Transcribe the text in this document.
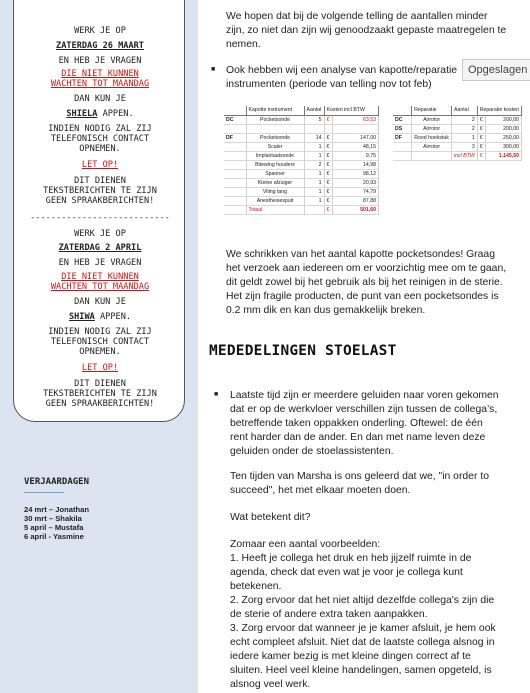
WERK JE OP
ZATERDAG 26 MAART
EN HEB JE VRAGEN
DIE NIET KUNNEN
WACHTEN TOT MAANDAG
DAN KUN JE
SHIELA APPEN.
INDIEN NODIG ZAL ZIJ
TELEFONISCH CONTACT
OPNEMEN.
LET OP!
DIT DIENEN
TEKSTBERICHTEN TE ZIJN
GEEN SPRAAKBERICHTEN!
---------------------------
WERK JE OP
ZATERDAG 2 APRIL
EN HEB JE VRAGEN
DIE NIET KUNNEN
WACHTEN TOT MAANDAG
DAN KUN JE
SHIWA APPEN.
INDIEN NODIG ZAL ZIJ
TELEFONISCH CONTACT
OPNEMEN.
LET OP!
DIT DIENEN
TEKSTBERICHTEN TE ZIJN
GEEN SPRAAKBERICHTEN!
VERJAARDAGEN
24 mrt – Jonathan
30 mrt – Shakila
5 april – Mustafa
6 april - Yasmine
We hopen dat bij de volgende telling de aantallen minder
zijn, zo niet dan zijn wij genoodzaakt gepaste maatregelen te
nemen.
■ Ook hebben wij een analyse van kapotte/reparatie
instrumenten (periode van telling nov tot feb)
Opgeslagen
	Kapotte instrument	Aantal	Kosten incl BTW	
DC	Pocketsonde	5	€	63,53

DF	Pocketsonde	14	€	147,00
	Scaler	1	€	48,15
	Implantaatsonde	1	€	9,75
	Bitewing houders	2	€	14,98
	Spanner	1	€	98,12
	Kleine afzuiger	1	€	20,93
	Viling tang	1	€	74,79
	Anesthesiespuit	1	€	87,88
	Totaal		€	501,60
	Reparatie	Aantal	Reparatie kosten	
DC	Airrotor	2	€	200,00
DS	Airrotor	2	€	200,00
DF	Rood hoekstuk	1	€	250,00
	Airrotor	3	€	300,00
		incl BTW	€	1.145,50
We schrikken van het aantal kapotte pocketsondes! Graag
het verzoek aan iedereen om er voorzichtig mee om te gaan,
dit geldt zowel bij het gebruik als bij het reinigen in de sterie.
Het zijn fragile producten, de punt van een pocketsondes is
0.2 mm dik en kan dus gemakkelijk breken.
MEDEDELINGEN STOELAST
■ Laatste tijd zijn er meerdere geluiden naar voren gekomen
dat er op de werkvloer verschillen zijn tussen de collega’s,
betreffende taken oppakken onderling. Oftewel: de één
rent harder dan de ander. En dan met name leven deze
geluiden onder de stoelassistenten.
Ten tijden van Marsha is ons geleerd dat we, "in order to
succeed", het met elkaar moeten doen.
Wat betekent dit?
Zomaar een aantal voorbeelden:
1. Heeft je collega het druk en heb jijzelf ruimte in de
agenda, check dat even wat je voor je collega kunt
betekenen.
2. Zorg ervoor dat het niet altijd dezelfde collega's zijn die
de sterie of andere extra taken aanpakken.
3. Zorg ervoor dat wanneer je je kamer afsluit, je hem ook
echt compleet afsluit. Niet dat de laatste collega alsnog in
iedere kamer bezig is met kleine dingen correct af te
sluiten. Heel veel kleine handelingen, samen opgeteld, is
alsnog veel werk.
